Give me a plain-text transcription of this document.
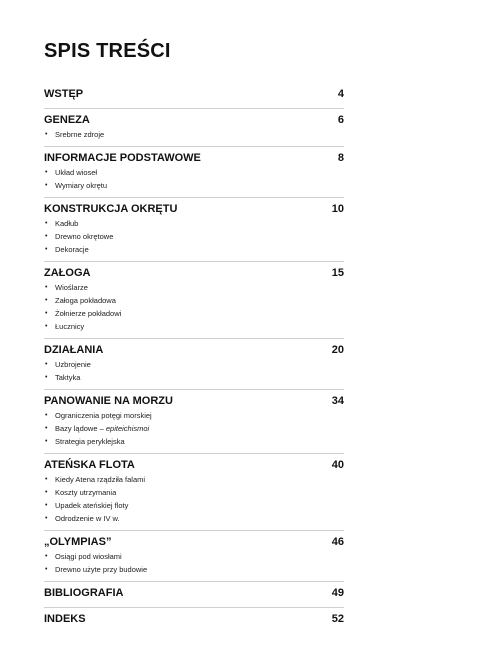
SPIS TREŚCI
WSTĘP	4
GENEZA	6
• Srebrne zdroje
INFORMACJE PODSTAWOWE	8
• Układ wioseł
• Wymiary okrętu
KONSTRUKCJA OKRĘTU	10
• Kadłub
• Drewno okrętowe
• Dekoracje
ZAŁOGA	15
• Wioślarze
• Załoga pokładowa
• Żołnierze pokładowi
• Łucznicy
DZIAŁANIA	20
• Uzbrojenie
• Taktyka
PANOWANIE NA MORZU	34
• Ograniczenia potęgi morskiej
• Bazy lądowe – epiteichismoi
• Strategia peryklejska
ATEŃSKA FLOTA	40
• Kiedy Atena rządziła falami
• Koszty utrzymania
• Upadek ateńskiej floty
• Odrodzenie w IV w.
„OLYMPIAS”	46
• Osiągi pod wiosłami
• Drewno użyte przy budowie
BIBLIOGRAFIA	49
INDEKS	52
